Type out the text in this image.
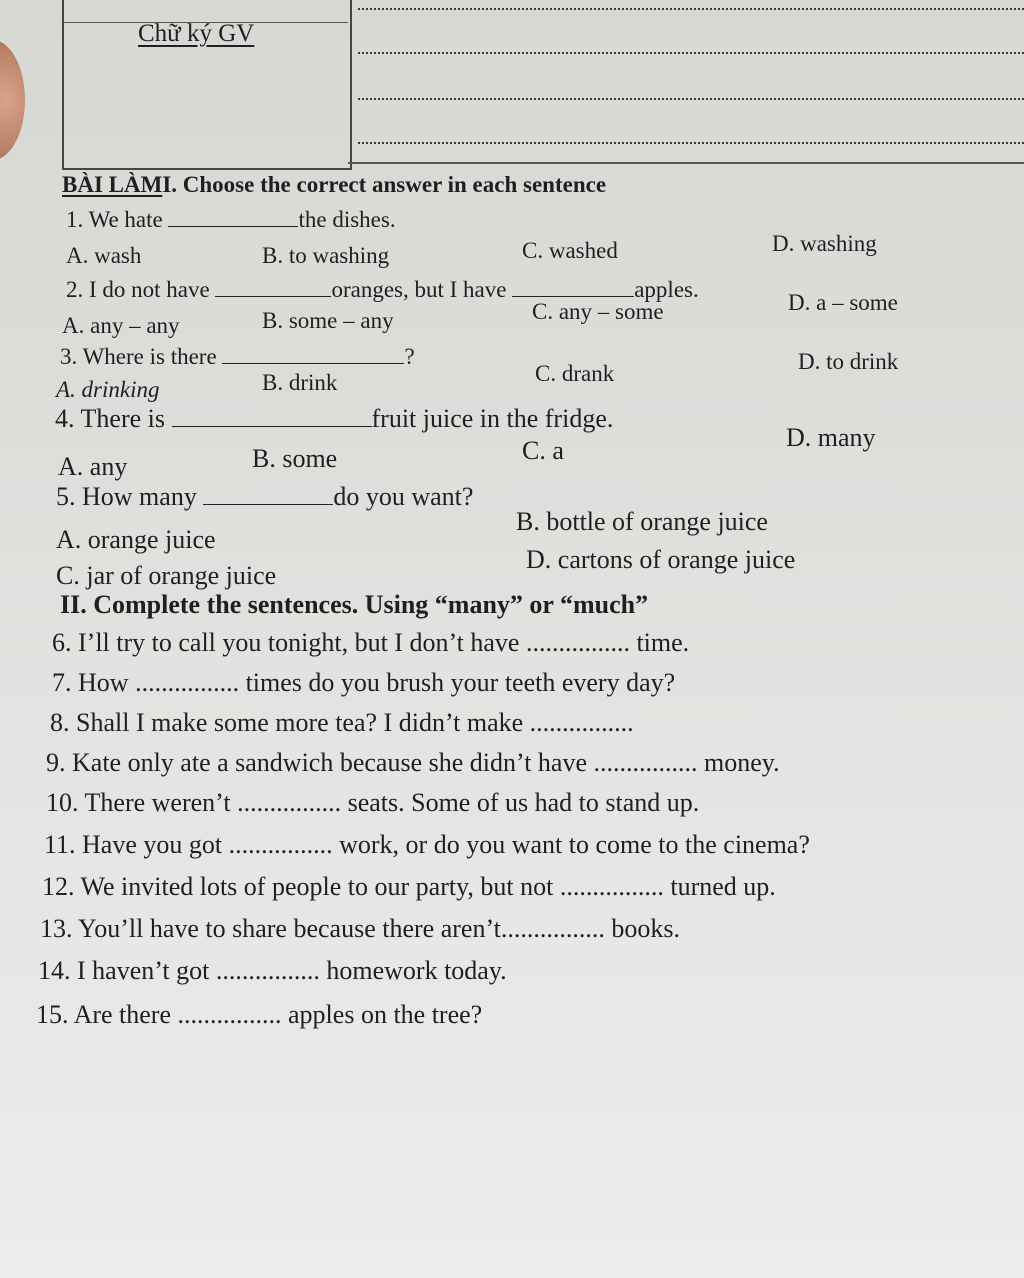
Chữ ký GV
BÀI LÀMI. Choose the correct answer in each sentence
1. We hate	the dishes.
A. wash	B. to washing	C. washed	D. washing
2. I do not have	oranges, but I have	apples.
A. any – any	B. some – any	C. any – some	D. a – some
3. Where is there	?
A. drinking	B. drink	C. drank	D. to drink
4. There is	fruit juice in the fridge.
A. any	B. some	C. a	D. many
5. How many	do you want?
A. orange juice
B. bottle of orange juice
C. jar of orange juice
D. cartons of orange juice
II. Complete the sentences. Using “many” or “much”
6. I’ll try to call you tonight, but I don’t have ................ time.
7. How ................ times do you brush your teeth every day?
8. Shall I make some more tea? I didn’t make ................
9. Kate only ate a sandwich because she didn’t have ................ money.
10. There weren’t ................ seats. Some of us had to stand up.
11. Have you got ................ work, or do you want to come to the cinema?
12. We invited lots of people to our party, but not ................ turned up.
13. You’ll have to share because there aren’t................ books.
14. I haven’t got ................ homework today.
15. Are there ................ apples on the tree?
